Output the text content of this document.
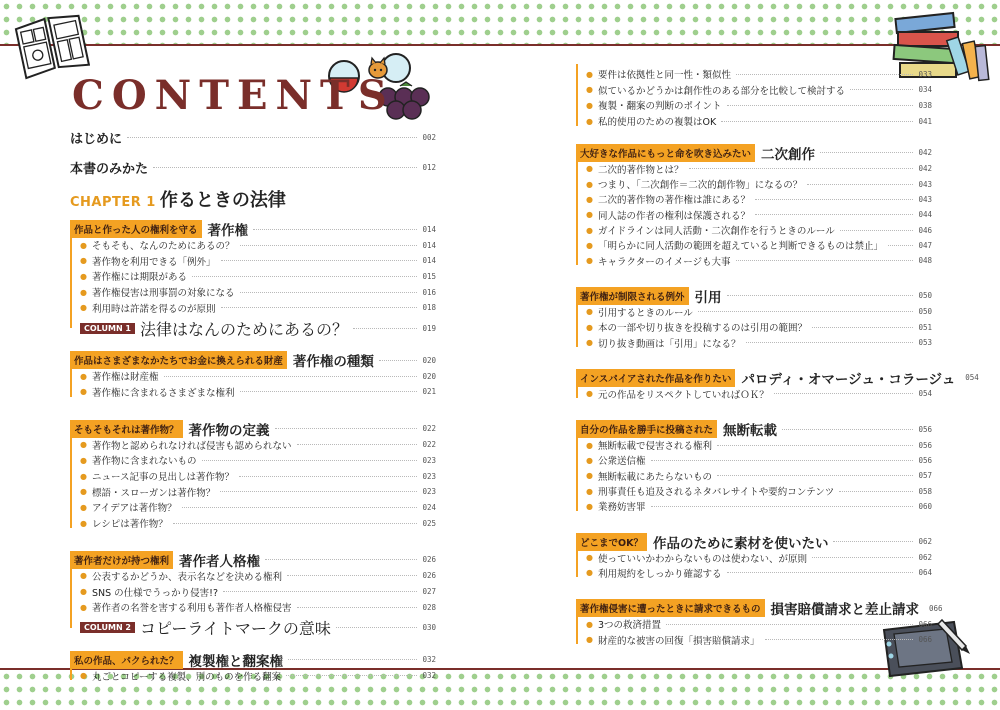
CONTENTS
はじめに	002
本書のみかた	012
CHAPTER 1 作るときの法律
作品と作った人の権利を守る 著作権	014
● そもそも、なんのためにあるの？	014
● 著作物を利用できる「例外」	014
● 著作権には期限がある	015
● 著作権侵害は刑事罰の対象になる	016
● 利用時は許諾を得るのが原則	018
COLUMN 1 法律はなんのためにあるの？	019
作品はさまざまなかたちでお金に換えられる財産 著作権の種類	020
● 著作権は財産権	020
● 著作権に含まれるさまざまな権利	021
そもそもそれは著作物？ 著作物の定義	022
● 著作物と認められなければ侵害も認められない	022
● 著作物に含まれないもの	023
● ニュース記事の見出しは著作物？	023
● 標語・スローガンは著作物？	023
● アイデアは著作物？	024
● レシピは著作物？	025
著作者だけが持つ権利 著作者人格権	026
● 公表するかどうか、表示名などを決める権利	026
● SNS の仕様でうっかり侵害!?	027
● 著作者の名誉を害する利用も著作者人格権侵害	028
COLUMN 2 コピーライトマークの意味	030
私の作品、パクられた？ 複製権と翻案権	032
● 丸ごとコピーする複製、別のものを作る翻案	032
● 要件は依拠性と同一性・類似性	033
● 似ているかどうかは創作性のある部分を比較して検討する	034
● 複製・翻案の判断のポイント	038
● 私的使用のための複製はOK	041
大好きな作品にもっと命を吹き込みたい 二次創作	042
● 二次的著作物とは？	042
● つまり、「二次創作＝二次的創作物」になるの？	043
● 二次的著作物の著作権は誰にある？	043
● 同人誌の作者の権利は保護される？	044
● ガイドラインは同人活動・二次創作を行うときのルール	046
● 「明らかに同人活動の範囲を超えていると判断できるものは禁止」	047
● キャラクターのイメージも大事	048
著作権が制限される例外 引用	050
● 引用するときのルール	050
● 本の一部や切り抜きを投稿するのは引用の範囲？	051
● 切り抜き動画は「引用」になる？	053
インスパイアされた作品を作りたい パロディ・オマージュ・コラージュ 054
● 元の作品をリスペクトしていればＯＫ？	054
自分の作品を勝手に投稿された 無断転載	056
● 無断転載で侵害される権利	056
● 公衆送信権	056
● 無断転載にあたらないもの	057
● 刑事責任も追及されるネタバレサイトや要約コンテンツ	058
● 業務妨害罪	060
どこまでOK？ 作品のために素材を使いたい	062
● 使っていいかわからないものは使わない、が原則	062
● 利用規約をしっかり確認する	064
著作権侵害に遭ったときに請求できるもの 損害賠償請求と差止請求 066
● 3つの救済措置	066
● 財産的な被害の回復「損害賠償請求」	066
